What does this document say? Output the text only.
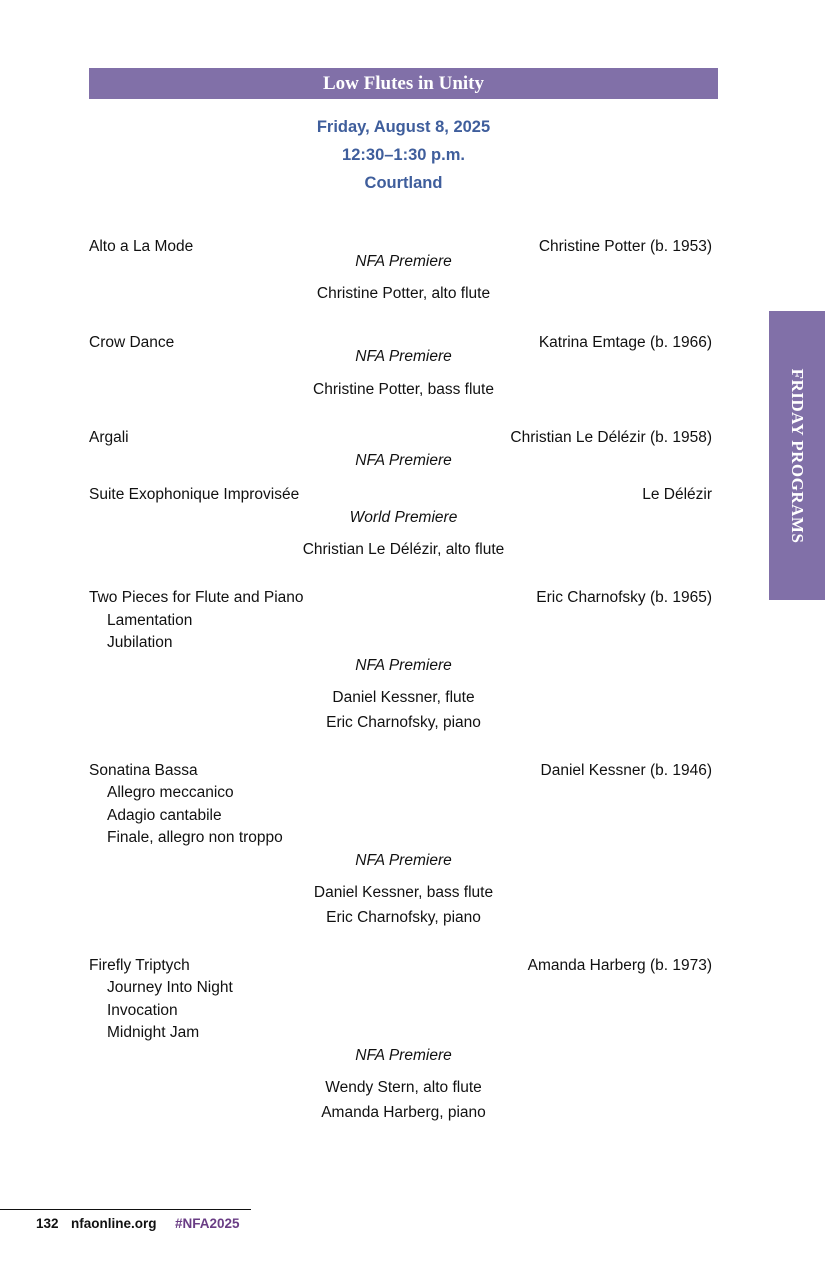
Low Flutes in Unity
Friday, August 8, 2025
12:30–1:30 p.m.
Courtland
FRIDAY PROGRAMS
Alto a La Mode	Christine Potter (b. 1953)
NFA Premiere
Christine Potter, alto flute
Crow Dance	Katrina Emtage (b. 1966)
NFA Premiere
Christine Potter, bass flute
Argali	Christian Le Délézir (b. 1958)
NFA Premiere
Suite Exophonique Improvisée	Le Délézir
World Premiere
Christian Le Délézir, alto flute
Two Pieces for Flute and Piano	Eric Charnofsky (b. 1965)
Lamentation
Jubilation
NFA Premiere
Daniel Kessner, flute
Eric Charnofsky, piano
Sonatina Bassa	Daniel Kessner (b. 1946)
Allegro meccanico
Adagio cantabile
Finale, allegro non troppo
NFA Premiere
Daniel Kessner, bass flute
Eric Charnofsky, piano
Firefly Triptych	Amanda Harberg (b. 1973)
Journey Into Night
Invocation
Midnight Jam
NFA Premiere
Wendy Stern, alto flute
Amanda Harberg, piano
132 nfaonline.org #NFA2025
